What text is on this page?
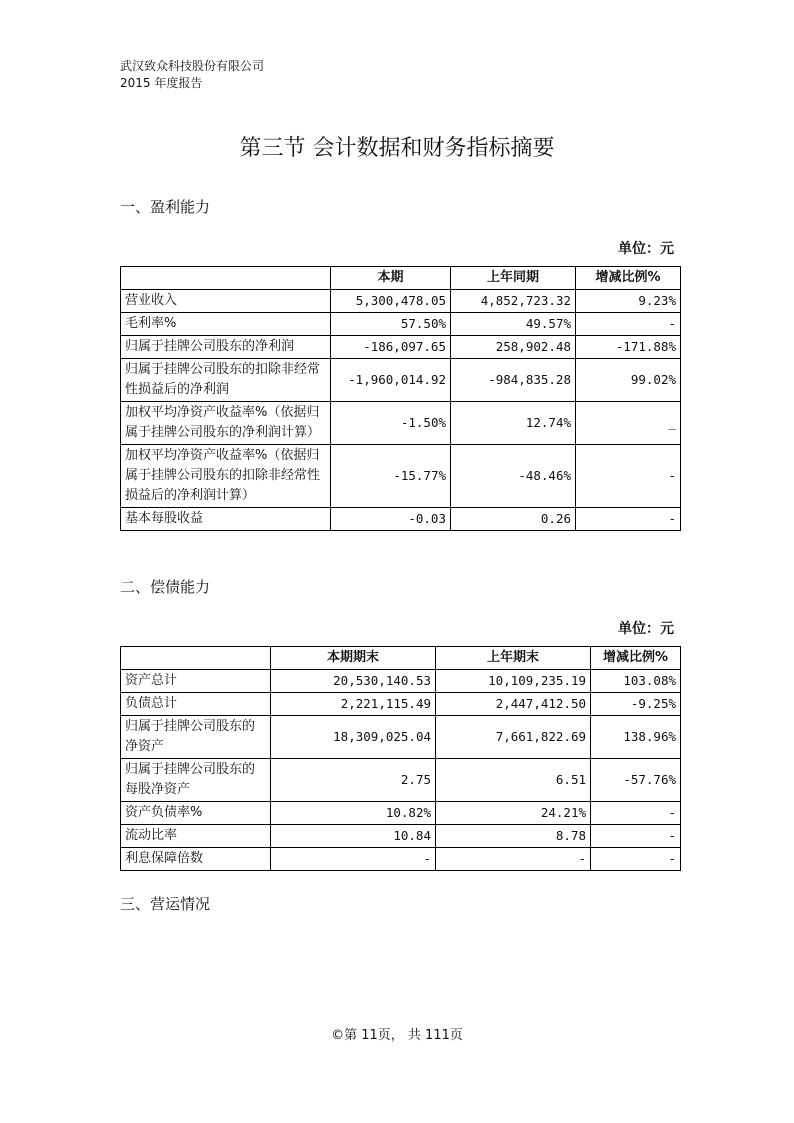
武汉致众科技股份有限公司
2015 年度报告
第三节 会计数据和财务指标摘要
一、盈利能力
单位：元
	本期	上年同期	增减比例%
营业收入	5,300,478.05	4,852,723.32	9.23%
毛利率%	57.50%	49.57%	-
归属于挂牌公司股东的净利润	-186,097.65	258,902.48	-171.88%
归属于挂牌公司股东的扣除非经常性损益后的净利润	-1,960,014.92	-984,835.28	99.02%
加权平均净资产收益率%（依据归属于挂牌公司股东的净利润计算）	-1.50%	12.74%	_
加权平均净资产收益率%（依据归属于挂牌公司股东的扣除非经常性损益后的净利润计算）	-15.77%	-48.46%	-
基本每股收益	-0.03	0.26	-
二、偿债能力
单位：元
	本期期末	上年期末	增减比例%
资产总计	20,530,140.53	10,109,235.19	103.08%
负债总计	2,221,115.49	2,447,412.50	-9.25%
归属于挂牌公司股东的净资产	18,309,025.04	7,661,822.69	138.96%
归属于挂牌公司股东的每股净资产	2.75	6.51	-57.76%
资产负债率%	10.82%	24.21%	-
流动比率	10.84	8.78	-
利息保障倍数	-	-	-
三、营运情况
©第 11页， 共 111页
